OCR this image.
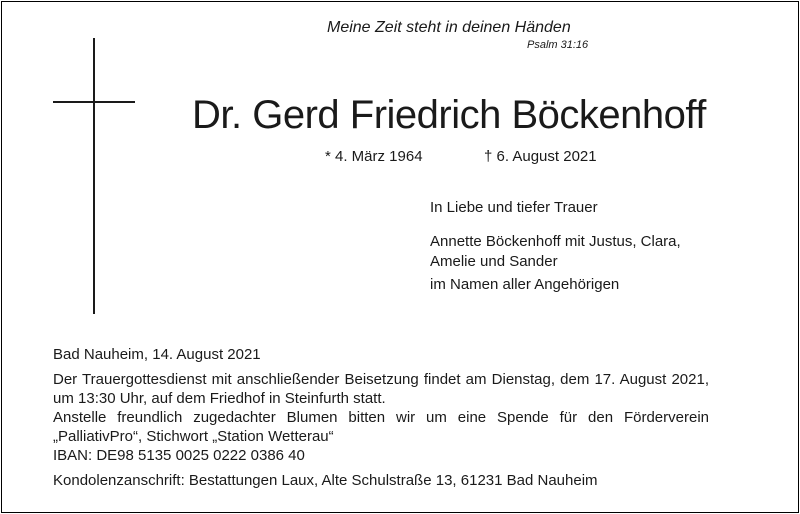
Meine Zeit steht in deinen Händen
Psalm 31:16
Dr. Gerd Friedrich Böckenhoff
* 4. März 1964	† 6. August 2021
In Liebe und tiefer Trauer
Annette Böckenhoff mit Justus, Clara,
Amelie und Sander
im Namen aller Angehörigen
Bad Nauheim, 14. August 2021
Der Trauergottesdienst mit anschließender Beisetzung findet am Dienstag, dem 17. August 2021,
um 13:30 Uhr, auf dem Friedhof in Steinfurth statt.
Anstelle freundlich zugedachter Blumen bitten wir um eine Spende für den Förderverein
„PalliativPro“, Stichwort „Station Wetterau“
IBAN: DE98 5135 0025 0222 0386 40
Kondolenzanschrift: Bestattungen Laux, Alte Schulstraße 13, 61231 Bad Nauheim
